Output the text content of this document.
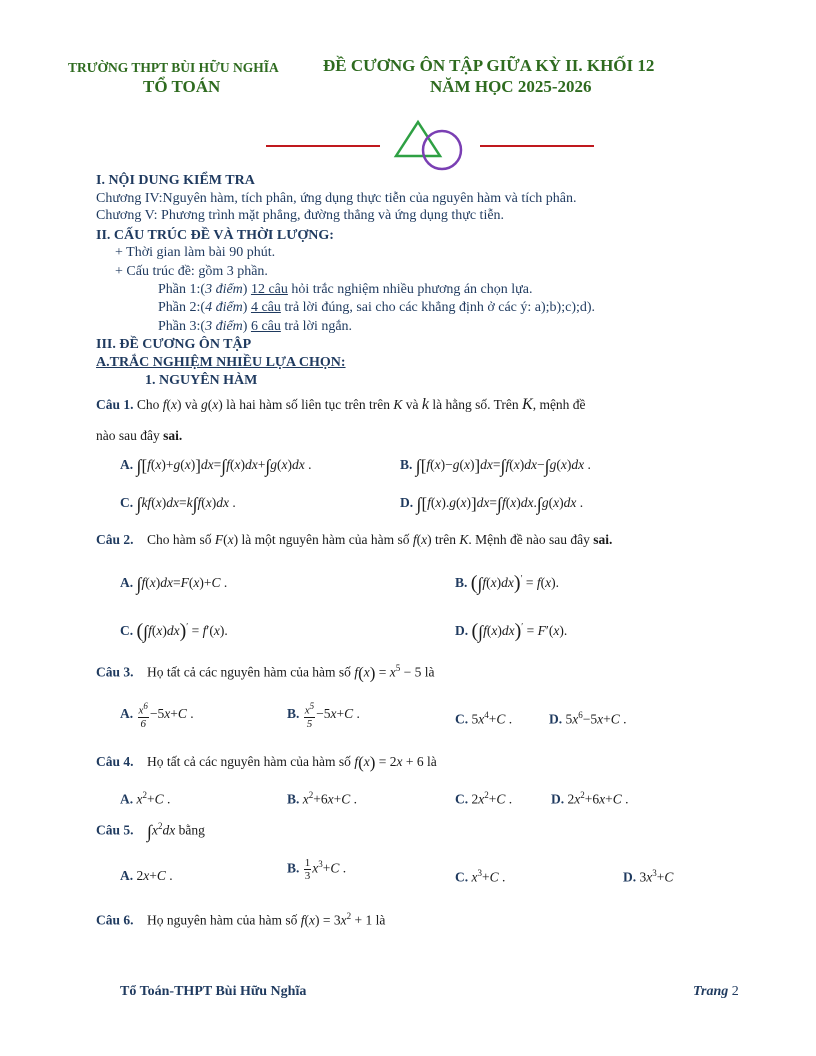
TRƯỜNG THPT BÙI HỮU NGHĨA
TỔ TOÁN
ĐỀ CƯƠNG ÔN TẬP GIỮA KỲ II. KHỐI 12
NĂM HỌC 2025-2026
I. NỘI DUNG KIỂM TRA
Chương IV:Nguyên hàm, tích phân, ứng dụng thực tiễn của nguyên hàm và tích phân.
Chương V: Phương trình mặt phẳng, đường thẳng và ứng dụng thực tiễn.
II. CẤU TRÚC ĐỀ VÀ THỜI LƯỢNG:
+ Thời gian làm bài 90 phút.
+ Cấu trúc đề: gồm 3 phần.
Phần 1:(3 điểm) 12 câu hỏi trắc nghiệm nhiều phương án chọn lựa.
Phần 2:(4 điểm) 4 câu trả lời đúng, sai cho các khẳng định ở các ý: a);b);c);d).
Phần 3:(3 điểm) 6 câu trả lời ngắn.
III. ĐỀ CƯƠNG ÔN TẬP
A.TRẮC NGHIỆM NHIỀU LỰA CHỌN:
1. NGUYÊN HÀM
Câu 1. Cho f(x) và g(x) là hai hàm số liên tục trên trên K và k là hằng số. Trên K, mệnh đề
nào sau đây sai.
A. ∫[f(x)+g(x)]dx=∫f(x)dx+∫g(x)dx .	B. ∫[f(x)−g(x)]dx=∫f(x)dx−∫g(x)dx .
C. ∫kf(x)dx=k∫f(x)dx .	D. ∫[f(x).g(x)]dx=∫f(x)dx.∫g(x)dx .
Câu 2. Cho hàm số F(x) là một nguyên hàm của hàm số f(x) trên K. Mệnh đề nào sau đây sai.
A. ∫f(x)dx=F(x)+C .	B. (∫f(x)dx)′ = f(x).
C. (∫f(x)dx)′ = f′(x).	D. (∫f(x)dx)′ = F′(x).
Câu 3. Họ tất cả các nguyên hàm của hàm số $f(x) = x^5 - 5$ là
A. $\frac{x^6}{6} -5x+C$ .	B. $\frac{x^5}{5} -5x+C$ .	C. $5x^4+C$ .	D. $5x^6-5x+C$ .
Câu 4. Họ tất cả các nguyên hàm của hàm số f(x) = 2x + 6 là
A. $x^2+C$ .	B. $x^2+6x+C$ .	C. $2x^2+C$ .	D. $2x^2+6x+C$ .
Câu 5. $\int x^2dx$ bằng
A. 2x+C .	B. $\frac{1}{3} x^3+C$ .
C. $x^3+C$ .	D. $3x^3+C$
Câu 6. Họ nguyên hàm của hàm số $f(x) = 3x^2 + 1$ là
Tổ Toán-THPT Bùi Hữu Nghĩa	Trang 2
